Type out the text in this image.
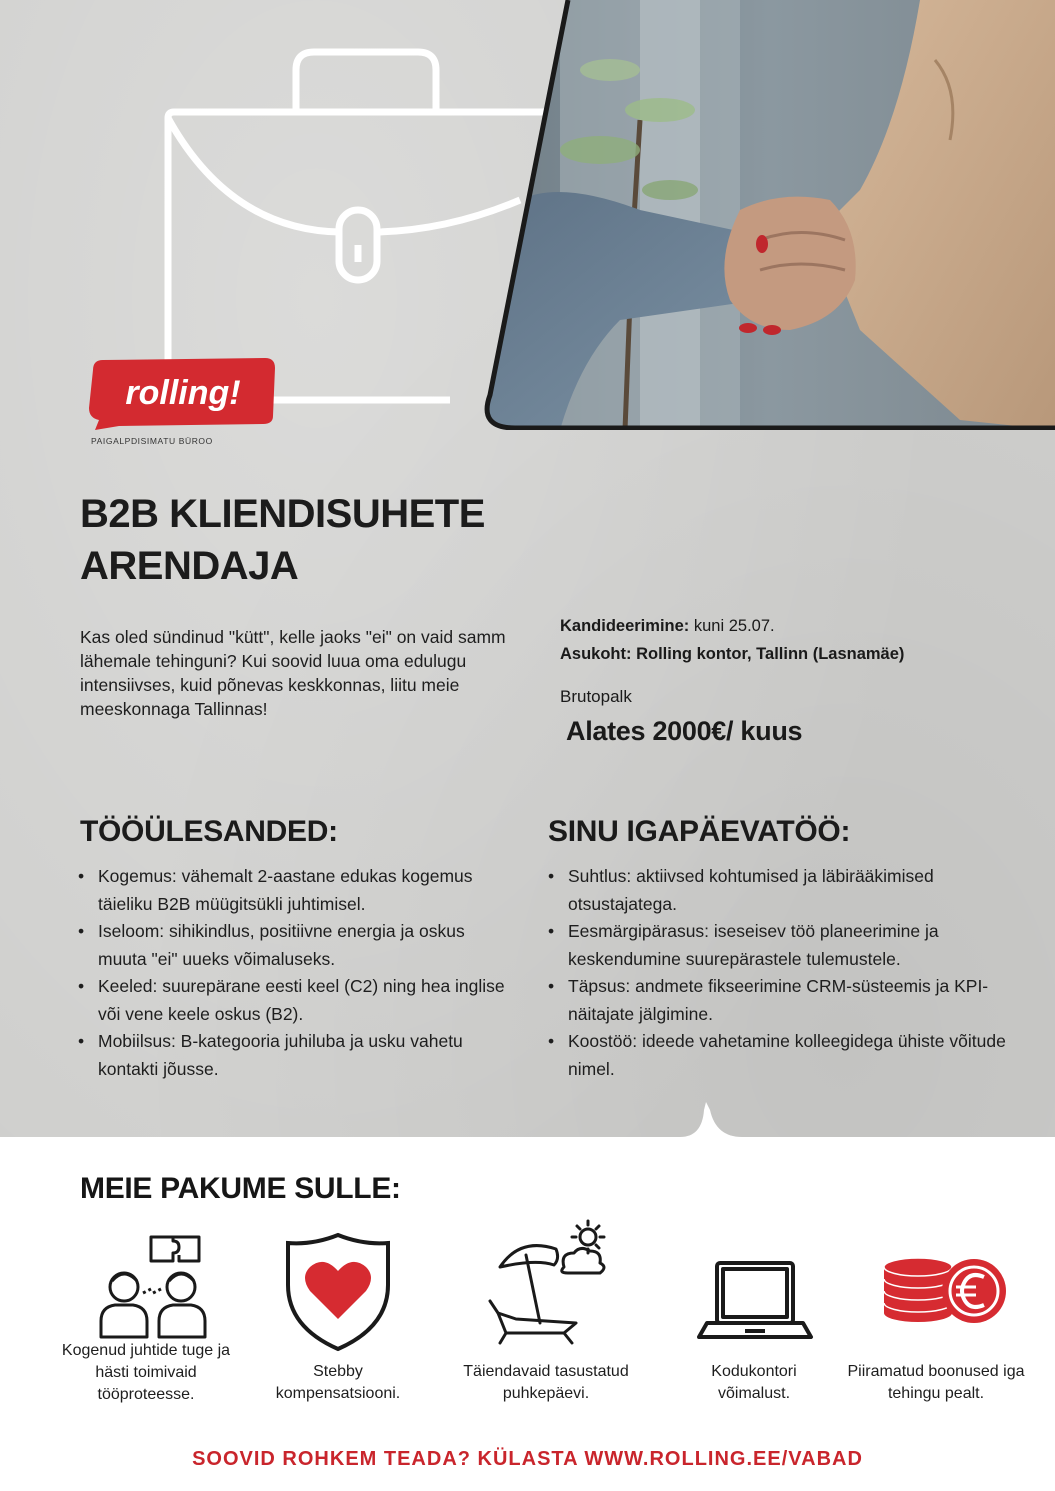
rolling!
PAIGALPDISIMATU BÜROO
B2B KLIENDISUHETE
ARENDAJA
Kas oled sündinud "kütt", kelle jaoks "ei" on vaid samm lähemale tehinguni? Kui soovid luua oma edulugu intensiivses, kuid põnevas keskkonnas, liitu meie meeskonnaga Tallinnas!
Kandideerimine: kuni 25.07.
Asukoht: Rolling kontor, Tallinn (Lasnamäe)
Brutopalk
Alates 2000€/ kuus
TÖÖÜLESANDED:
• Kogemus: vähemalt 2-aastane edukas kogemus täieliku B2B müügitsükli juhtimisel.
• Iseloom: sihikindlus, positiivne energia ja oskus muuta "ei" uueks võimaluseks.
• Keeled: suurepärane eesti keel (C2) ning hea inglise või vene keele oskus (B2).
• Mobiilsus: B-kategooria juhiluba ja usku vahetu kontakti jõusse.
SINU IGAPÄEVATÖÖ:
• Suhtlus: aktiivsed kohtumised ja läbirääkimised otsustajatega.
• Eesmärgipärasus: iseseisev töö planeerimine ja keskendumine suurepärastele tulemustele.
• Täpsus: andmete fikseerimine CRM-süsteemis ja KPI-näitajate jälgimine.
• Koostöö: ideede vahetamine kolleegidega ühiste võitude nimel.
MEIE PAKUME SULLE:
Kogenud juhtide tuge ja hästi toimivaid tööproteesse.
Stebby kompensatsiooni.
Täiendavaid tasustatud puhkepäevi.
Kodukontori võimalust.
Piiramatud boonused iga tehingu pealt.
SOOVID ROHKEM TEADA? KÜLASTA WWW.ROLLING.EE/VABAD
